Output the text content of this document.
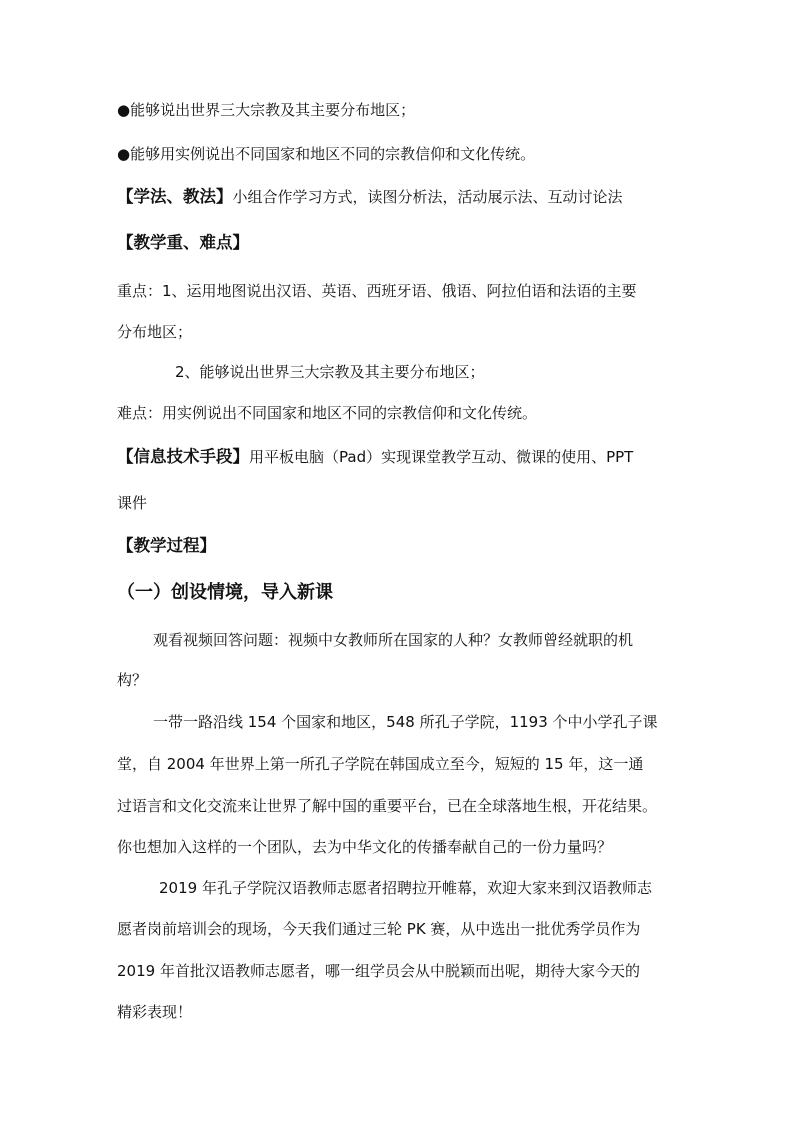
●能够说出世界三大宗教及其主要分布地区；
●能够用实例说出不同国家和地区不同的宗教信仰和文化传统。
【学法、教法】小组合作学习方式，读图分析法，活动展示法、互动讨论法
【教学重、难点】
重点：1、运用地图说出汉语、英语、西班牙语、俄语、阿拉伯语和法语的主要
分布地区；
2、能够说出世界三大宗教及其主要分布地区；
难点：用实例说出不同国家和地区不同的宗教信仰和文化传统。
【信息技术手段】用平板电脑（Pad）实现课堂教学互动、微课的使用、PPT
课件
【教学过程】
（一）创设情境，导入新课
观看视频回答问题：视频中女教师所在国家的人种？女教师曾经就职的机
构？
一带一路沿线 154 个国家和地区，548 所孔子学院，1193 个中小学孔子课
堂，自 2004 年世界上第一所孔子学院在韩国成立至今，短短的 15 年，这一通
过语言和文化交流来让世界了解中国的重要平台，已在全球落地生根，开花结果。
你也想加入这样的一个团队，去为中华文化的传播奉献自己的一份力量吗？
2019 年孔子学院汉语教师志愿者招聘拉开帷幕，欢迎大家来到汉语教师志
愿者岗前培训会的现场，今天我们通过三轮 PK 赛，从中选出一批优秀学员作为
2019 年首批汉语教师志愿者，哪一组学员会从中脱颖而出呢，期待大家今天的
精彩表现！
